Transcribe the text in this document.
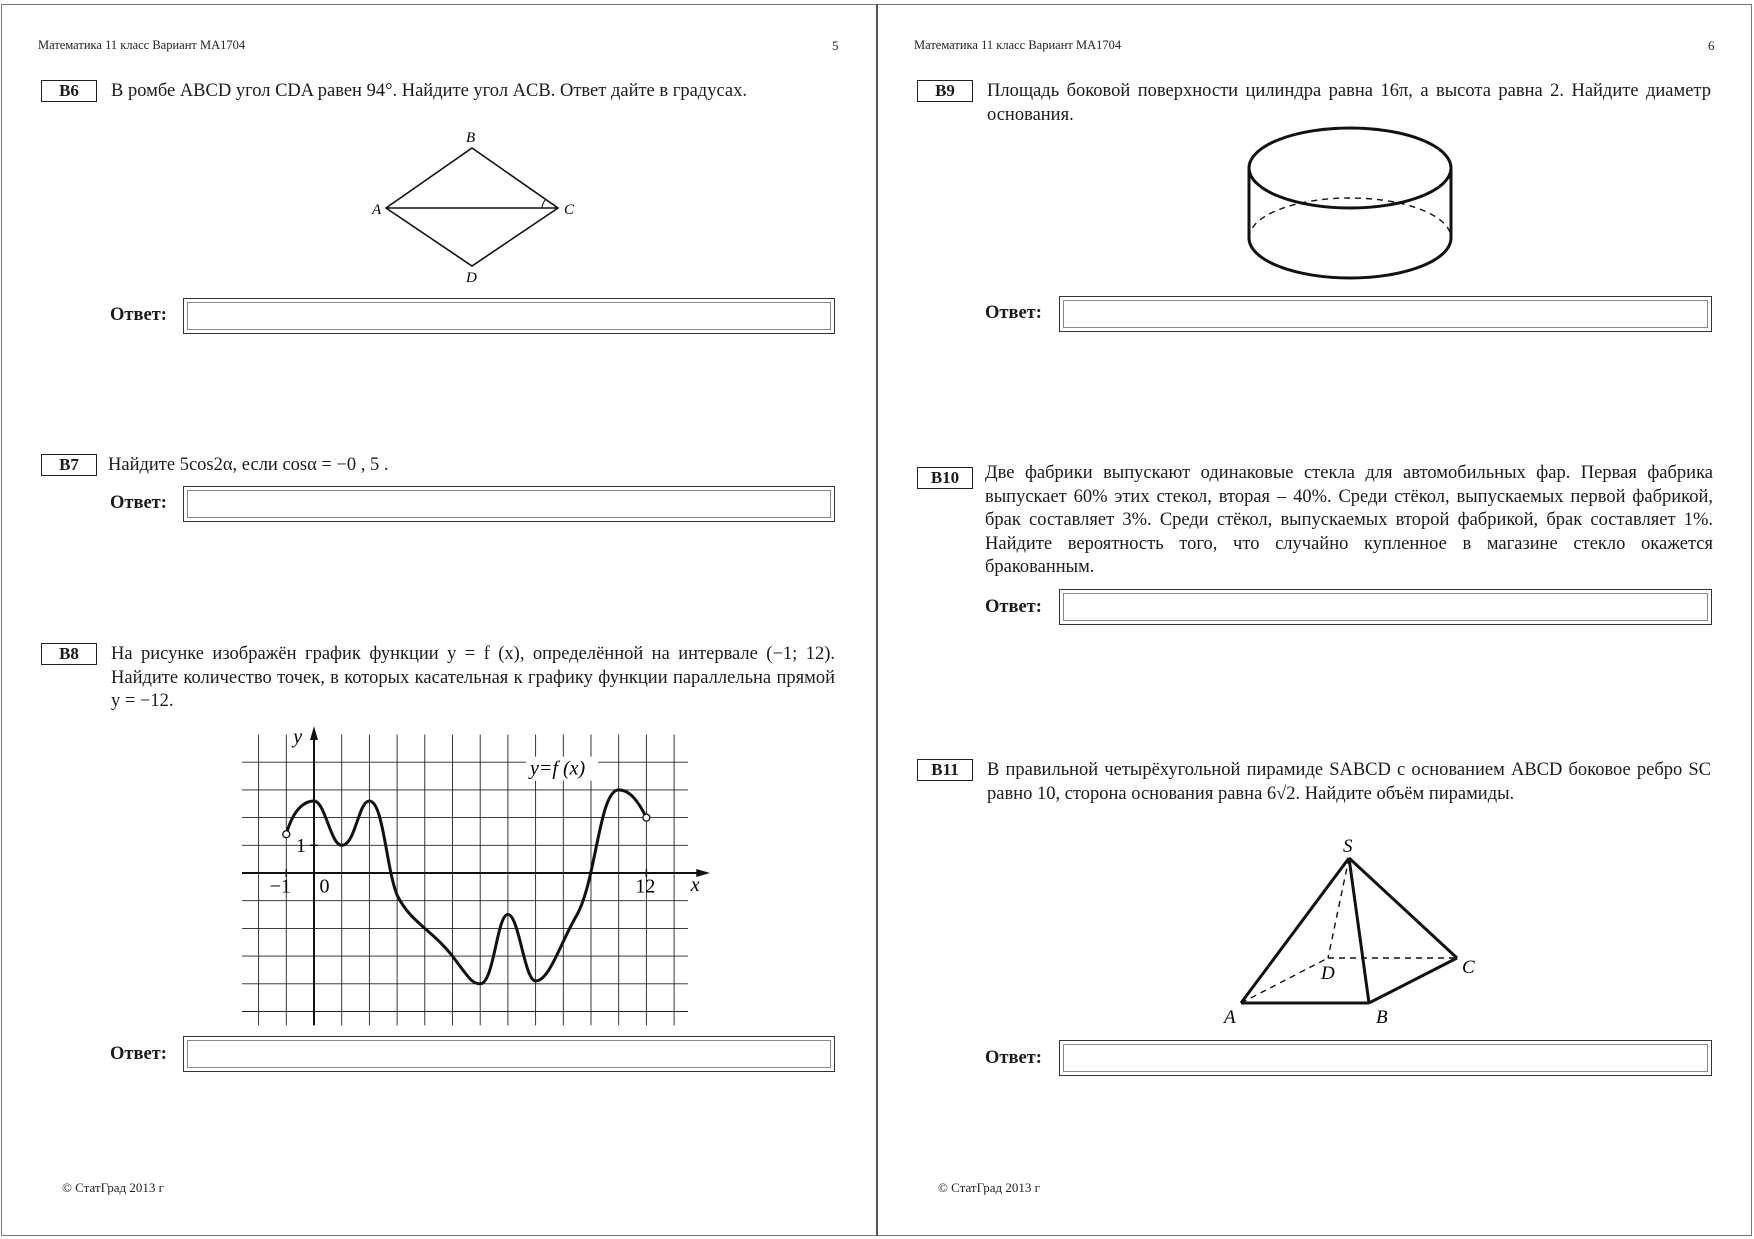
Математика 11 класс Вариант МА1704	5
B6	В ромбе ABCD угол CDA равен 94°. Найдите угол ACB. Ответ дайте в градусах.
A
B
C
D
Ответ:
B7	Найдите 5cos2α, если cosα = −0 , 5 .
Ответ:
B8	На рисунке изображён график функции y = f (x), определённой на интервале (−1; 12). Найдите количество точек, в которых касательная к графику функции параллельна прямой y = −12.
y=f (x)
y
x
1
0
−1	12
Ответ:
© СтатГрад 2013 г
Математика 11 класс Вариант МА1704	6
B9	Площадь боковой поверхности цилиндра равна 16π, а высота равна 2. Найдите диаметр основания.
Ответ:
B10	Две фабрики выпускают одинаковые стекла для автомобильных фар. Первая фабрика выпускает 60% этих стекол, вторая – 40%. Среди стёкол, выпускаемых первой фабрикой, брак составляет 3%. Среди стёкол, выпускаемых второй фабрикой, брак составляет 1%. Найдите вероятность того, что случайно купленное в магазине стекло окажется бракованным.
Ответ:
B11	В правильной четырёхугольной пирамиде SABCD с основанием ABCD боковое ребро SC равно 10, сторона основания равна 6√2. Найдите объём пирамиды.
S
A	B
C
D
Ответ:
© СтатГрад 2013 г
